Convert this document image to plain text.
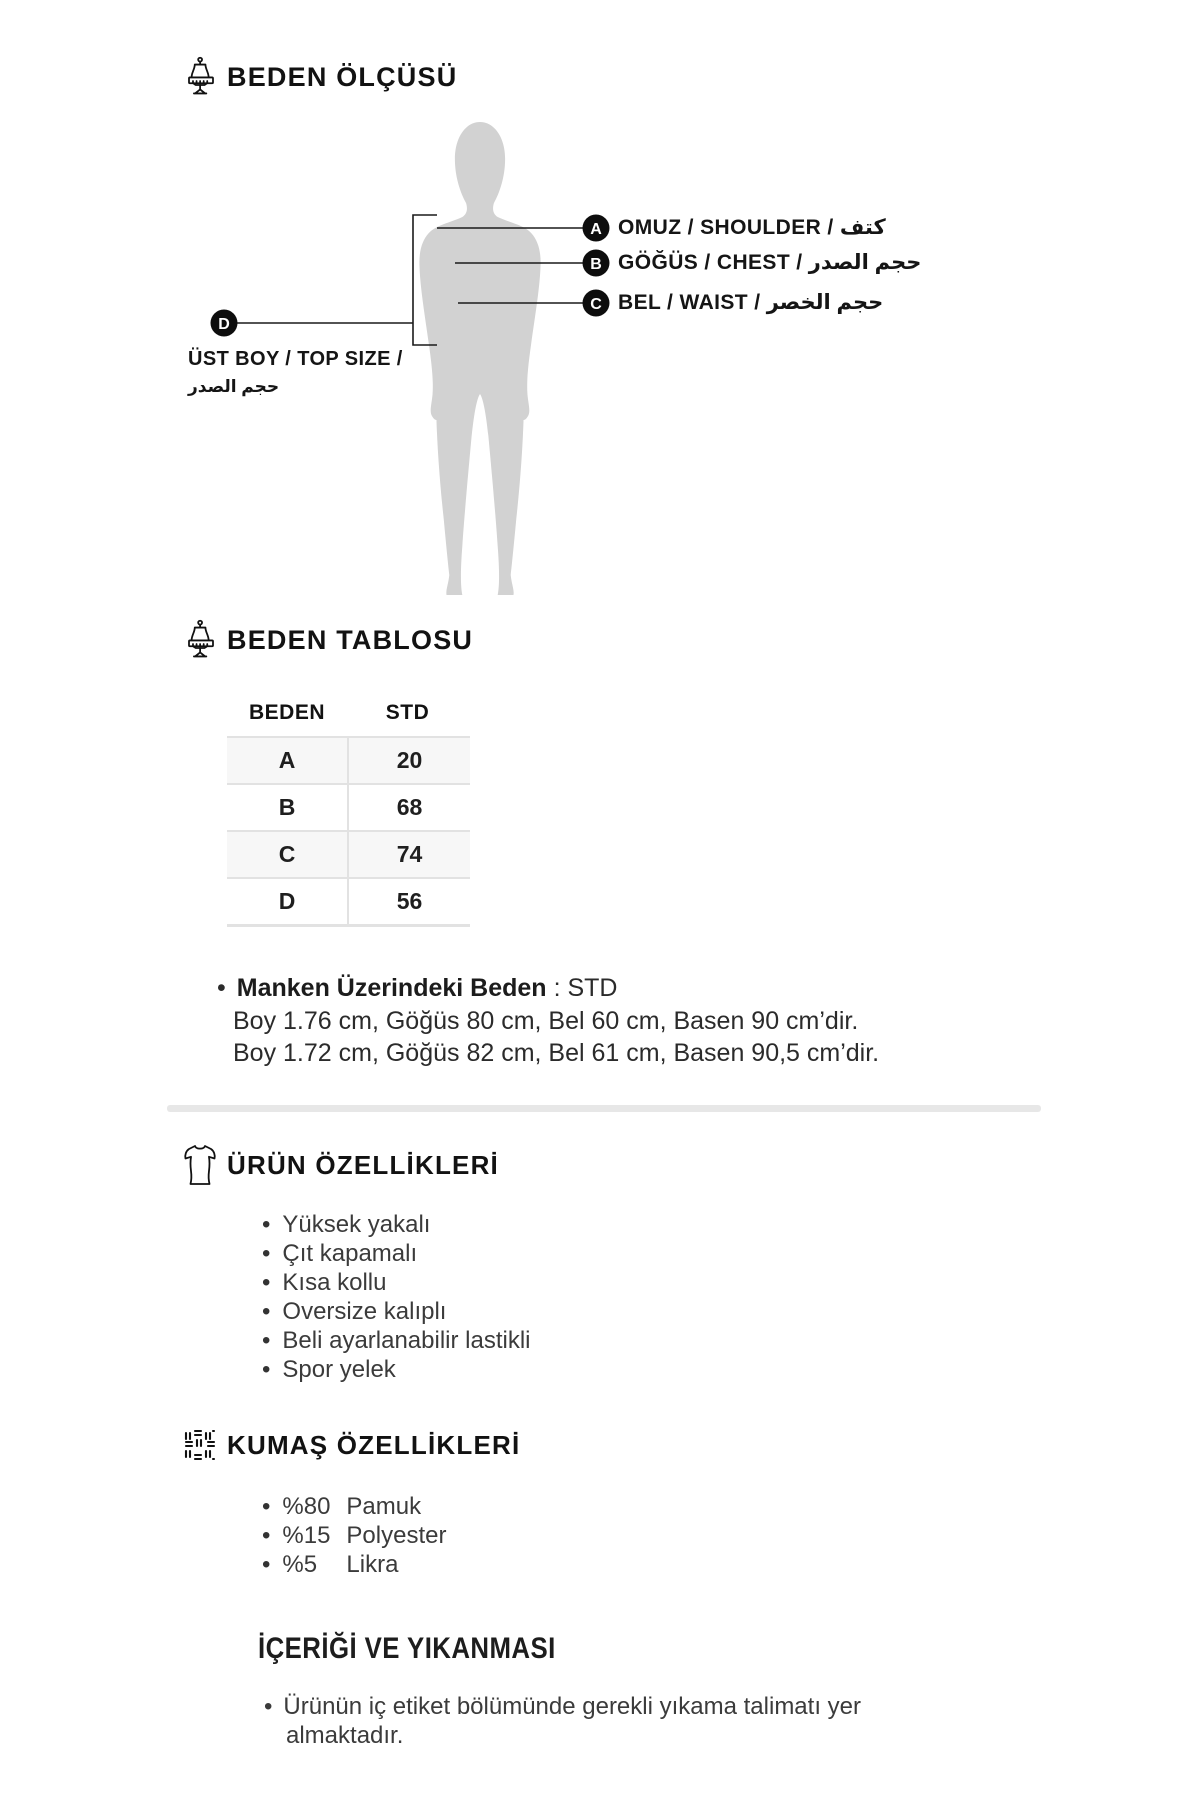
BEDEN ÖLÇÜSÜ
A
B
C
D
OMUZ / SHOULDER / كتف
GÖĞÜS / CHEST / حجم الصدر
BEL / WAIST / حجم الخصر
ÜST BOY / TOP SIZE /
حجم الصدر
BEDEN TABLOSU
BEDEN	STD
A	20
B	68
C	74
D	56
• Manken Üzerindeki Beden : STD
Boy 1.76 cm, Göğüs 80 cm, Bel 60 cm, Basen 90 cm’dir.
Boy 1.72 cm, Göğüs 82 cm, Bel 61 cm, Basen 90,5 cm’dir.
ÜRÜN ÖZELLİKLERİ
• Yüksek yakalı
• Çıt kapamalı
• Kısa kollu
• Oversize kalıplı
• Beli ayarlanabilir lastikli
• Spor yelek
KUMAŞ ÖZELLİKLERİ
• %80 Pamuk
• %15 Polyester
• %5 Likra
İÇERİĞİ VE YIKANMASI
• Ürünün iç etiket bölümünde gerekli yıkama talimatı yer
almaktadır.
